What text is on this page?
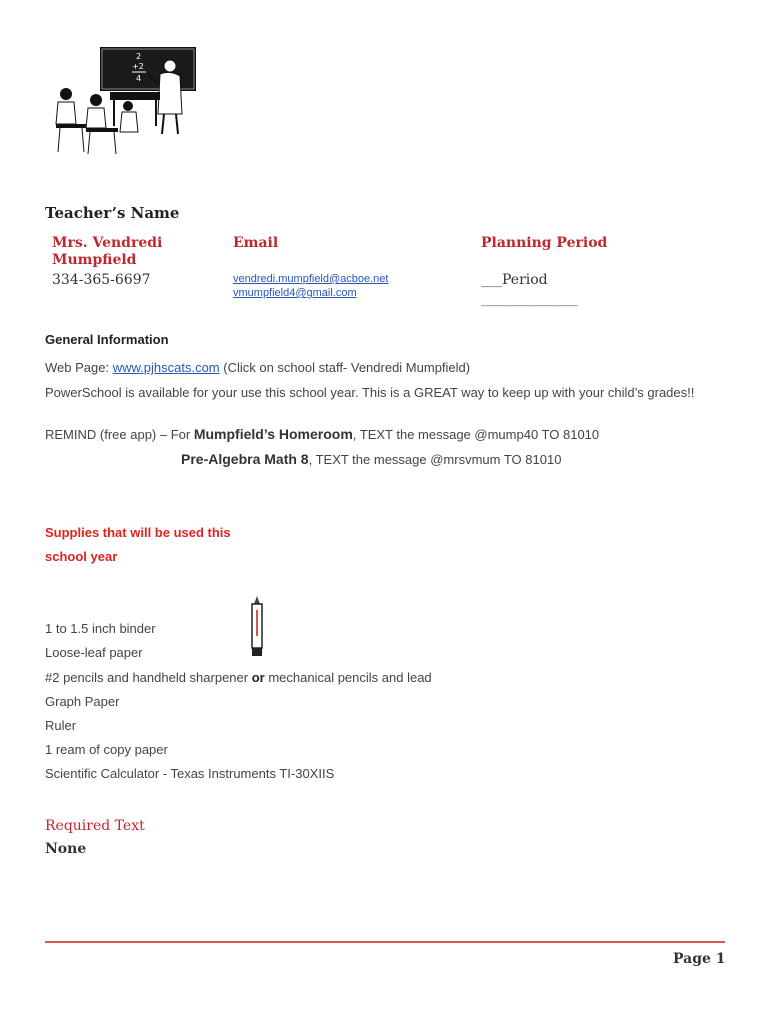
2
+2
4
Teacher’s Name
Mrs. Vendredi Mumpfield
334-365-6697
Email
vendredi.mumpfield@acboe.net
vmumpfield4@gmail.com
Planning Period
___Period
________________
General Information
Web Page: www.pjhscats.com (Click on school staff- Vendredi Mumpfield)
PowerSchool is available for your use this school year. This is a GREAT way to keep up with your child’s grades!!
REMIND (free app) – For Mumpfield’s Homeroom, TEXT the message @mump40 TO 81010
Pre-Algebra Math 8, TEXT the message @mrsvmum TO 81010
Supplies that will be used this
school year
1 to 1.5 inch binder
Loose-leaf paper
#2 pencils and handheld sharpener or mechanical pencils and lead
Graph Paper
Ruler
1 ream of copy paper
Scientific Calculator - Texas Instruments TI-30XIIS
Required Text
None
Page 1
